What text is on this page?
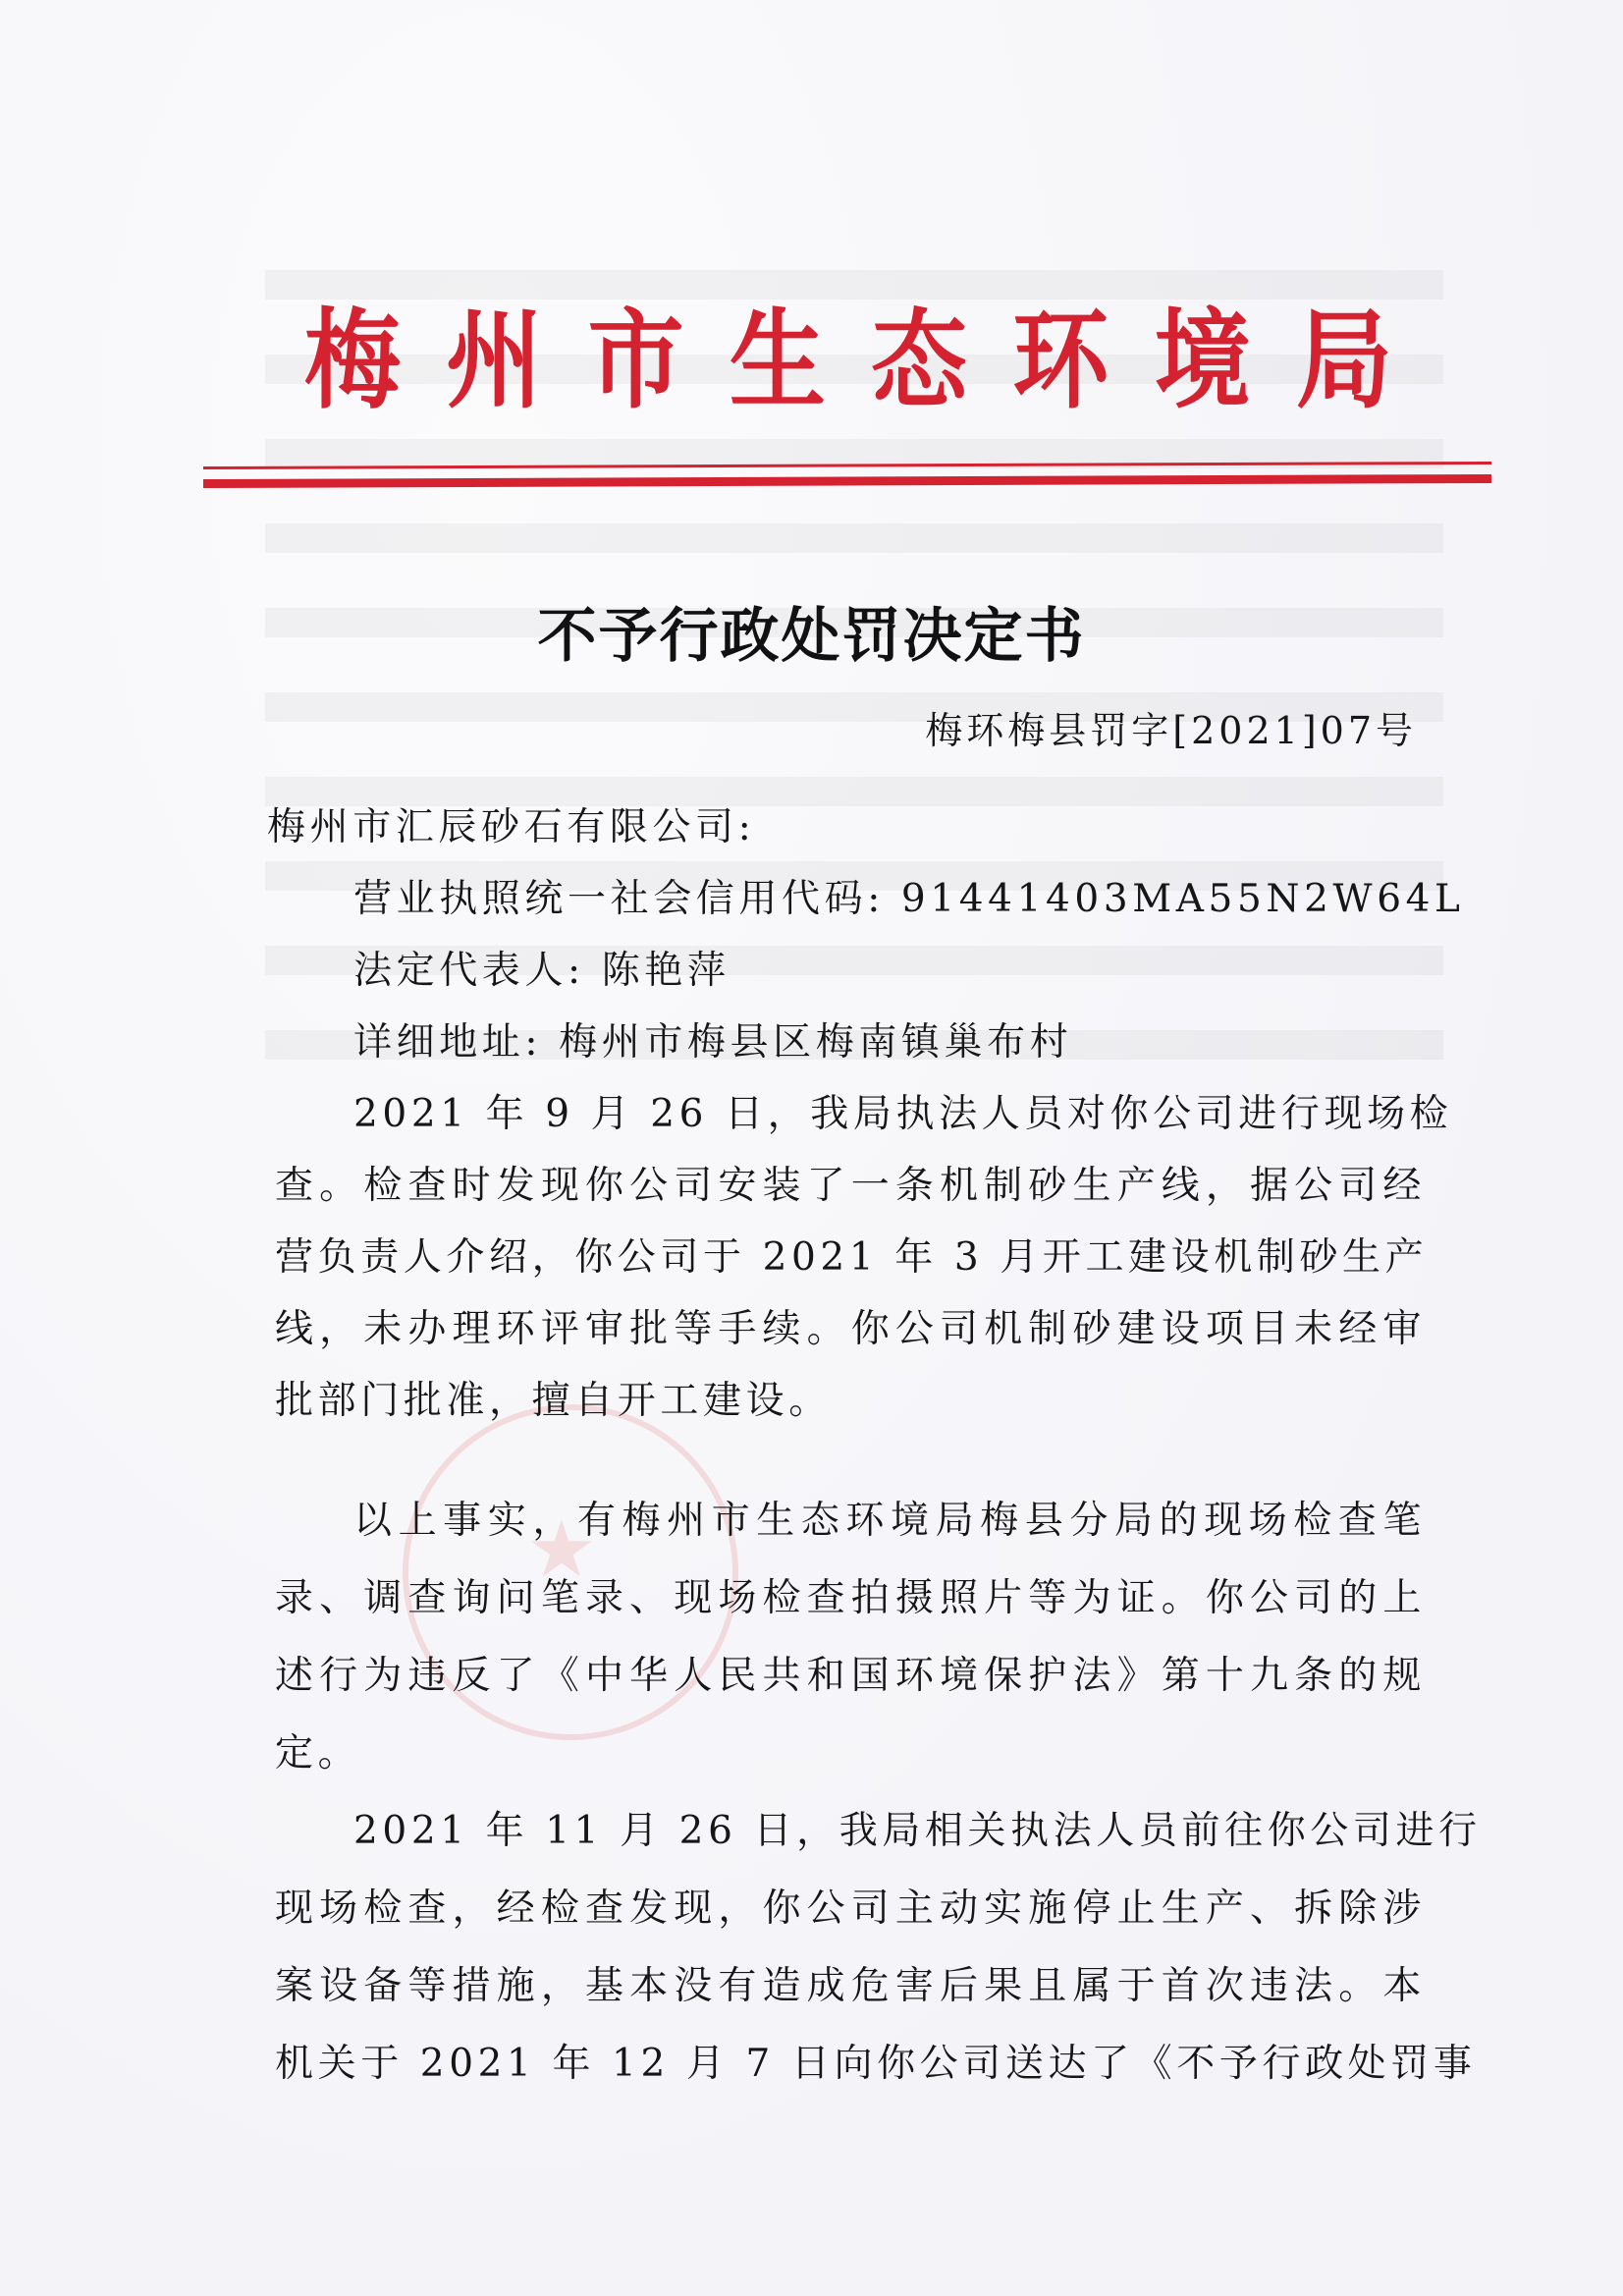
梅 州 市 生 态 环 境 局
不予行政处罚决定书
梅环梅县罚字[2021]07号
梅州市汇辰砂石有限公司:
营业执照统一社会信用代码: 91441403MA55N2W64L
法定代表人: 陈艳萍
详细地址: 梅州市梅县区梅南镇巢布村
★
2021 年 9 月 26 日，我局执法人员对你公司进行现场检
查。检查时发现你公司安装了一条机制砂生产线，据公司经
营负责人介绍，你公司于 2021 年 3 月开工建设机制砂生产
线，未办理环评审批等手续。你公司机制砂建设项目未经审
批部门批准，擅自开工建设。
以上事实，有梅州市生态环境局梅县分局的现场检查笔
录、调查询问笔录、现场检查拍摄照片等为证。你公司的上
述行为违反了《中华人民共和国环境保护法》第十九条的规
定。
2021 年 11 月 26 日，我局相关执法人员前往你公司进行
现场检查，经检查发现，你公司主动实施停止生产、拆除涉
案设备等措施，基本没有造成危害后果且属于首次违法。本
机关于 2021 年 12 月 7 日向你公司送达了《不予行政处罚事
